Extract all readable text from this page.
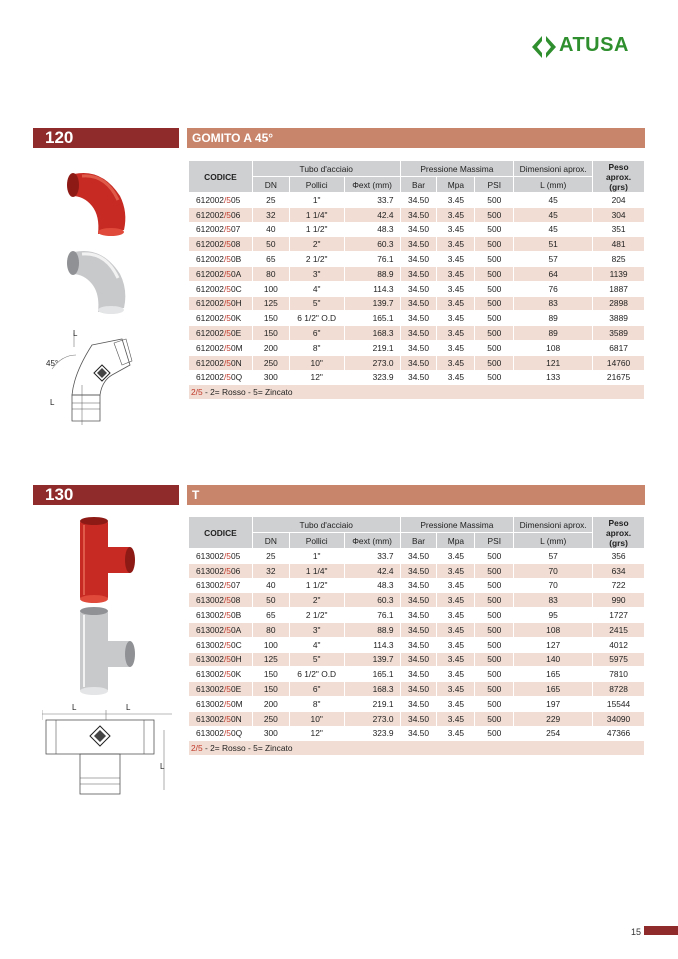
ATUSA
120	GOMITO A 45°
L
45°
L
CODICE	Tubo d'acciaio			Pressione Massima			Dimensioni aprox.	Peso aprox. (grs)
	DN	Pollici	Φext (mm)	Bar	Mpa	PSI	L (mm)	
612002/505	25	1"	33.7	34.50	3.45	500	45	204
612002/506	32	1 1/4"	42.4	34.50	3.45	500	45	304
612002/507	40	1 1/2"	48.3	34.50	3.45	500	45	351
612002/508	50	2"	60.3	34.50	3.45	500	51	481
612002/50B	65	2 1/2"	76.1	34.50	3.45	500	57	825
612002/50A	80	3"	88.9	34.50	3.45	500	64	1139
612002/50C	100	4"	114.3	34.50	3.45	500	76	1887
612002/50H	125	5"	139.7	34.50	3.45	500	83	2898
612002/50K	150	6 1/2" O.D	165.1	34.50	3.45	500	89	3889
612002/50E	150	6"	168.3	34.50	3.45	500	89	3589
612002/50M	200	8"	219.1	34.50	3.45	500	108	6817
612002/50N	250	10"	273.0	34.50	3.45	500	121	14760
612002/50Q	300	12"	323.9	34.50	3.45	500	133	21675
2/5 - 2= Rosso - 5= Zincato								
130	T
L	L
L
CODICE	Tubo d'acciaio			Pressione Massima			Dimensioni aprox.	Peso aprox. (grs)
	DN	Pollici	Φext (mm)	Bar	Mpa	PSI	L (mm)	
613002/505	25	1"	33.7	34.50	3.45	500	57	356
613002/506	32	1 1/4"	42.4	34.50	3.45	500	70	634
613002/507	40	1 1/2"	48.3	34.50	3.45	500	70	722
613002/508	50	2"	60.3	34.50	3.45	500	83	990
613002/50B	65	2 1/2"	76.1	34.50	3.45	500	95	1727
613002/50A	80	3"	88.9	34.50	3.45	500	108	2415
613002/50C	100	4"	114.3	34.50	3.45	500	127	4012
613002/50H	125	5"	139.7	34.50	3.45	500	140	5975
613002/50K	150	6 1/2" O.D	165.1	34.50	3.45	500	165	7810
613002/50E	150	6"	168.3	34.50	3.45	500	165	8728
613002/50M	200	8"	219.1	34.50	3.45	500	197	15544
613002/50N	250	10"	273.0	34.50	3.45	500	229	34090
613002/50Q	300	12"	323.9	34.50	3.45	500	254	47366
2/5 - 2= Rosso - 5= Zincato								
15
